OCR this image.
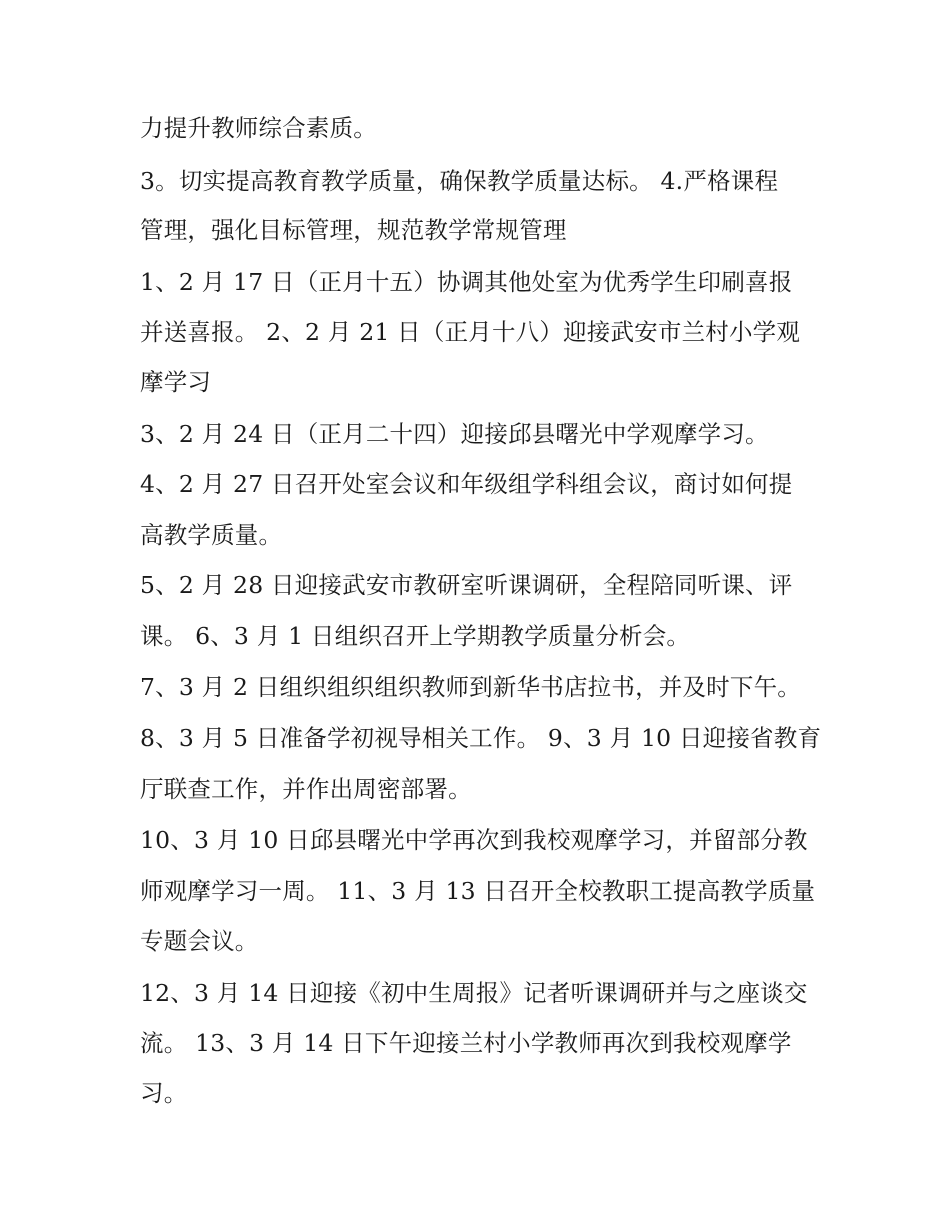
力提升教师综合素质。
3。切实提高教育教学质量，确保教学质量达标。 4.严格课程
管理，强化目标管理，规范教学常规管理
1、2 月 17 日（正月十五）协调其他处室为优秀学生印刷喜报
并送喜报。 2、2 月 21 日（正月十八）迎接武安市兰村小学观
摩学习
3、2 月 24 日（正月二十四）迎接邱县曙光中学观摩学习。
4、2 月 27 日召开处室会议和年级组学科组会议，商讨如何提
高教学质量。
5、2 月 28 日迎接武安市教研室听课调研，全程陪同听课、评
课。 6、3 月 1 日组织召开上学期教学质量分析会。
7、3 月 2 日组织组织组织教师到新华书店拉书，并及时下午。
8、3 月 5 日准备学初视导相关工作。 9、3 月 10 日迎接省教育
厅联查工作，并作出周密部署。
10、3 月 10 日邱县曙光中学再次到我校观摩学习，并留部分教
师观摩学习一周。 11、3 月 13 日召开全校教职工提高教学质量
专题会议。
12、3 月 14 日迎接《初中生周报》记者听课调研并与之座谈交
流。 13、3 月 14 日下午迎接兰村小学教师再次到我校观摩学
习。
